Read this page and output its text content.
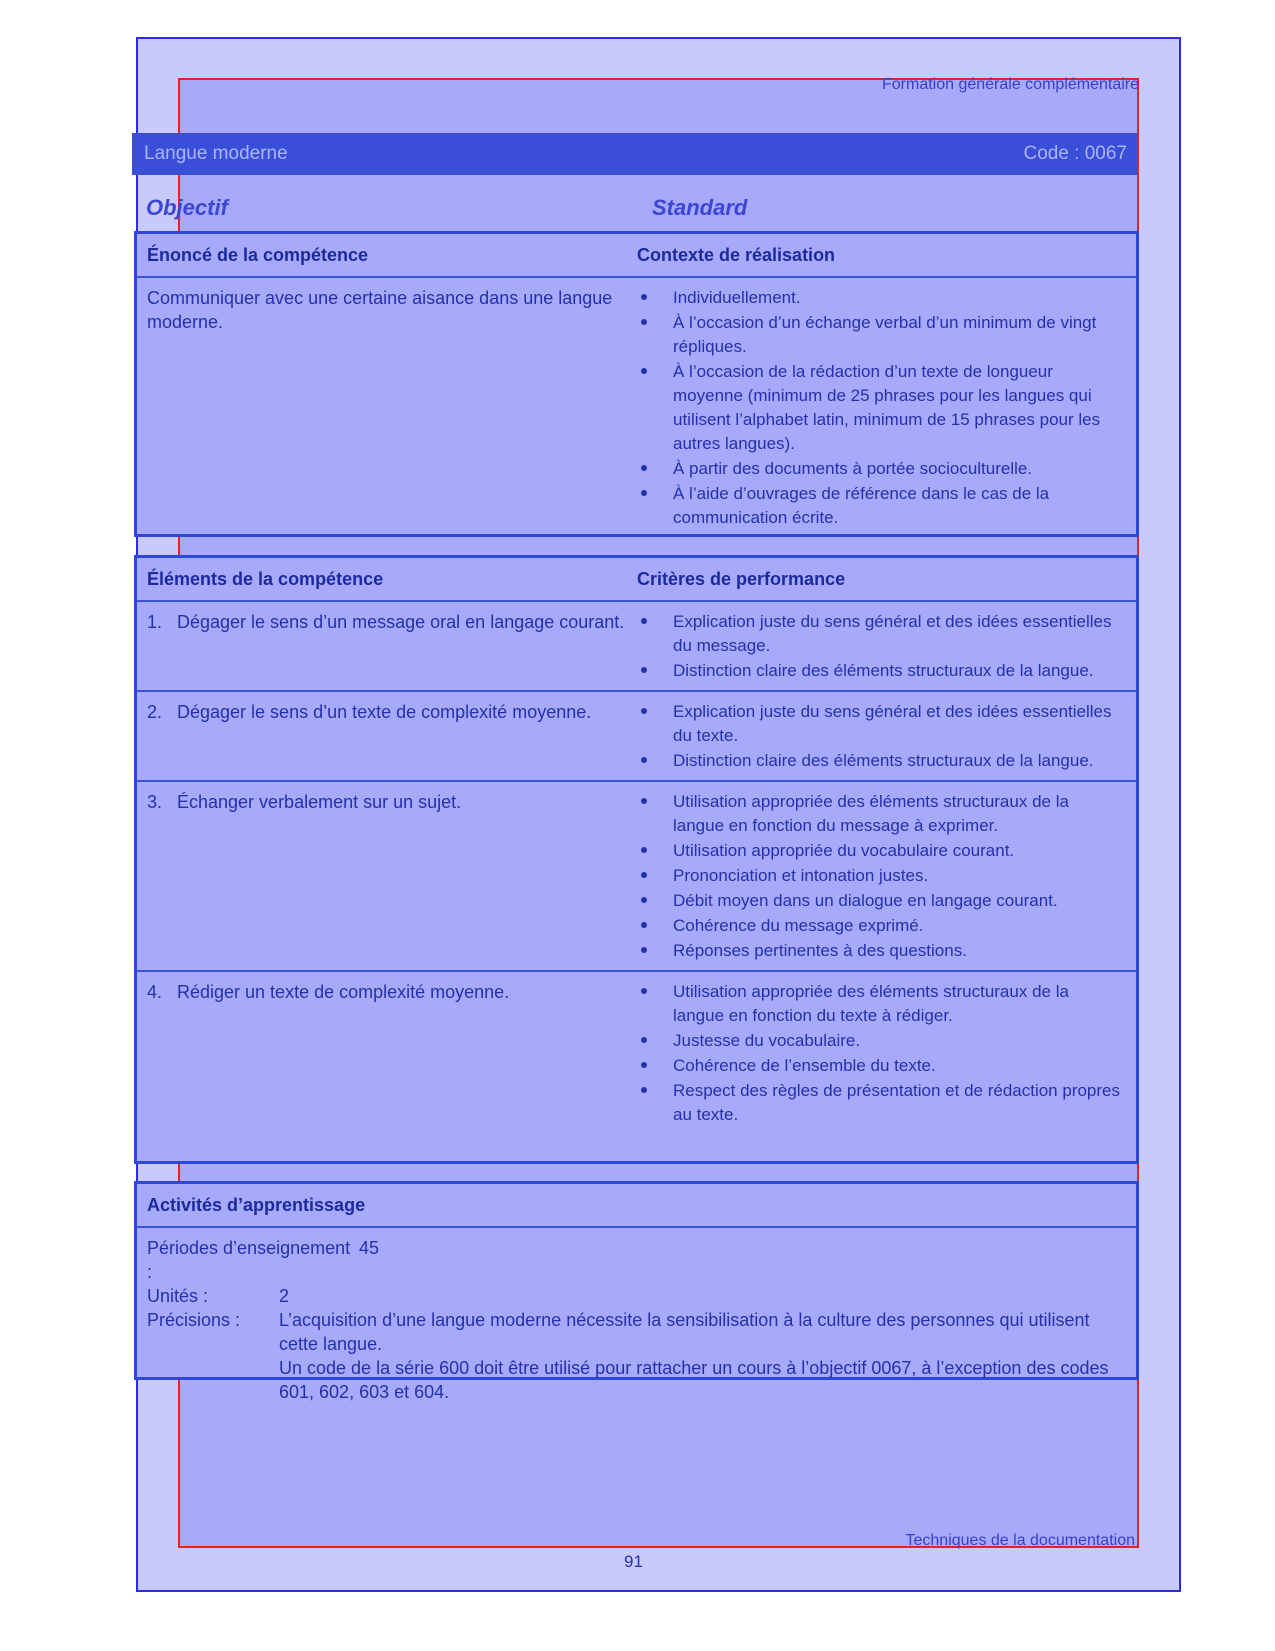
Formation générale complémentaire
Langue moderne	Code : 0067
Objectif	Standard
Énoncé de la compétence	Contexte de réalisation
Communiquer avec une certaine aisance dans une langue moderne.
Individuellement.
À l’occasion d’un échange verbal d’un minimum de vingt répliques.
À l’occasion de la rédaction d’un texte de longueur moyenne (minimum de 25 phrases pour les langues qui utilisent l’alphabet latin, minimum de 15 phrases pour les autres langues).
À partir des documents à portée socioculturelle.
À l’aide d’ouvrages de référence dans le cas de la communication écrite.
Éléments de la compétence	Critères de performance
1. Dégager le sens d’un message oral en langage courant.	Explication juste du sens général et des idées essentielles du message.
Distinction claire des éléments structuraux de la langue.
2. Dégager le sens d’un texte de complexité moyenne.	Explication juste du sens général et des idées essentielles du texte.
Distinction claire des éléments structuraux de la langue.
3. Échanger verbalement sur un sujet.	Utilisation appropriée des éléments structuraux de la langue en fonction du message à exprimer.
Utilisation appropriée du vocabulaire courant.
Prononciation et intonation justes.
Débit moyen dans un dialogue en langage courant.
Cohérence du message exprimé.
Réponses pertinentes à des questions.
4. Rédiger un texte de complexité moyenne.	Utilisation appropriée des éléments structuraux de la langue en fonction du texte à rédiger.
Justesse du vocabulaire.
Cohérence de l’ensemble du texte.
Respect des règles de présentation et de rédaction propres au texte.
Activités d’apprentissage
Périodes d’enseignement :
45
Unités :	2
Précisions :	L’acquisition d’une langue moderne nécessite la sensibilisation à la culture des personnes qui utilisent cette langue.
Un code de la série 600 doit être utilisé pour rattacher un cours à l’objectif 0067, à l’exception des codes 601, 602, 603 et 604.
Techniques de la documentation
91
